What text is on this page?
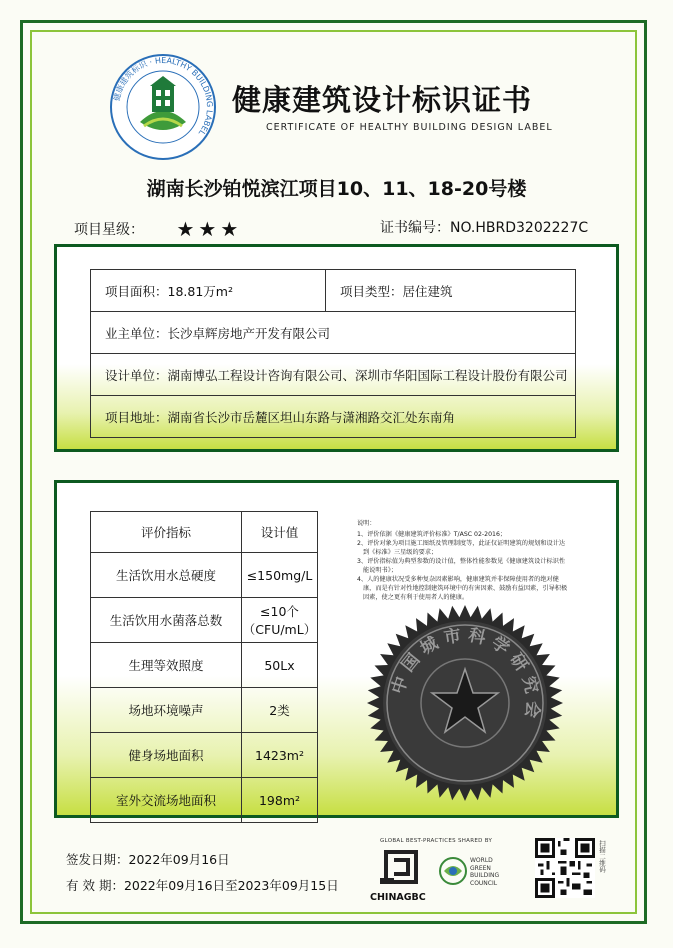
健康建筑标识 · HEALTHY BUILDING LABEL
健康建筑设计标识证书
CERTIFICATE OF HEALTHY BUILDING DESIGN LABEL
湖南长沙铂悦滨江项目10、11、18-20号楼
项目星级： ★★★	证书编号：NO.HBRD3202227C
项目面积：18.81万m²	项目类型：居住建筑
业主单位：长沙卓辉房地产开发有限公司
设计单位：湖南博弘工程设计咨询有限公司、深圳市华阳国际工程设计股份有限公司
项目地址：湖南省长沙市岳麓区坦山东路与潇湘路交汇处东南角
评价指标	设计值
生活饮用水总硬度	≤150mg/L
生活饮用水菌落总数	≤10个（CFU/mL）
生理等效照度	50Lx
场地环境噪声	2类
健身场地面积	1423m²
室外交流场地面积	198m²
说明：
1、评价依据《健康建筑评价标准》T/ASC 02-2016；
2、评价对象为项目施工图纸及管理制度等，此证仅证明建筑的规划和设计达到《标准》三星级的要求；
3、评价指标值为典型参数的设计值，整体性能参数见《健康建筑设计标识性能说明书》；
4、人的健康状况受多种复杂因素影响，健康建筑并非保障使用者的绝对健康，而是有针对性地控制建筑环境中的有害因素、鼓励有益因素，引导积极因素，使之更有利于使用者人的健康。
中国城市科学研究会
签发日期：2022年09月16日
有 效 期：2022年09月16日至2023年09月15日
GLOBAL BEST-PRACTICES SHARED BY
CHINAGBC
WORLD
GREEN
BUILDING
COUNCIL
扫描二维码
